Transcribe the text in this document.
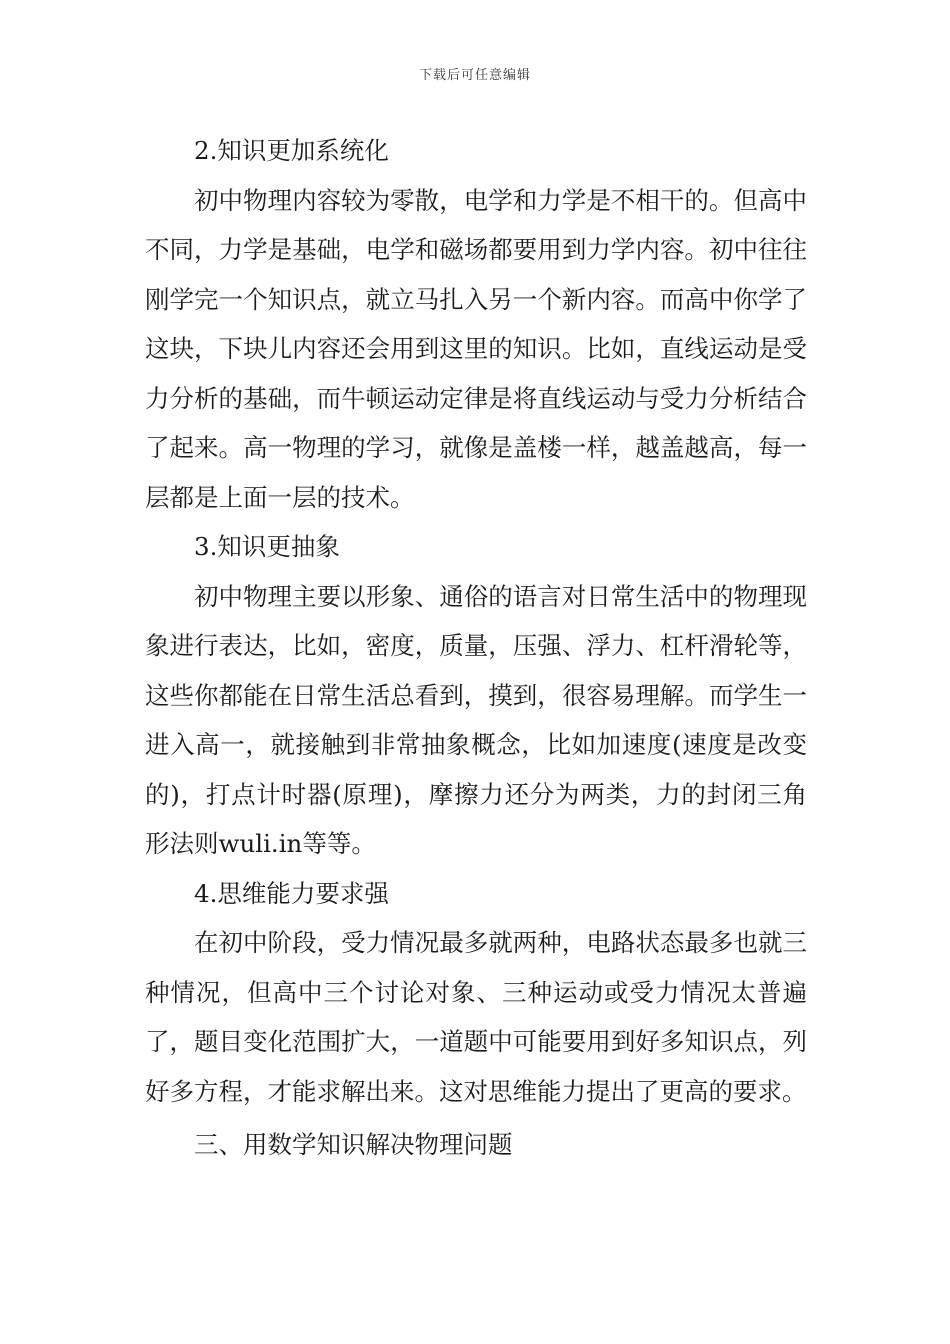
下载后可任意编辑

2.知识更加系统化

初中物理内容较为零散，电学和力学是不相干的。但高中不同，力学是基础，电学和磁场都要用到力学内容。初中往往刚学完一个知识点，就立马扎入另一个新内容。而高中你学了这块，下块儿内容还会用到这里的知识。比如，直线运动是受力分析的基础，而牛顿运动定律是将直线运动与受力分析结合了起来。高一物理的学习，就像是盖楼一样，越盖越高，每一层都是上面一层的技术。

3.知识更抽象

初中物理主要以形象、通俗的语言对日常生活中的物理现象进行表达，比如，密度，质量，压强、浮力、杠杆滑轮等，这些你都能在日常生活总看到，摸到，很容易理解。而学生一进入高一，就接触到非常抽象概念，比如加速度(速度是改变的)，打点计时器(原理)，摩擦力还分为两类，力的封闭三角形法则wuli.in等等。

4.思维能力要求强

在初中阶段，受力情况最多就两种，电路状态最多也就三种情况，但高中三个讨论对象、三种运动或受力情况太普遍了，题目变化范围扩大，一道题中可能要用到好多知识点，列好多方程，才能求解出来。这对思维能力提出了更高的要求。

三、用数学知识解决物理问题
